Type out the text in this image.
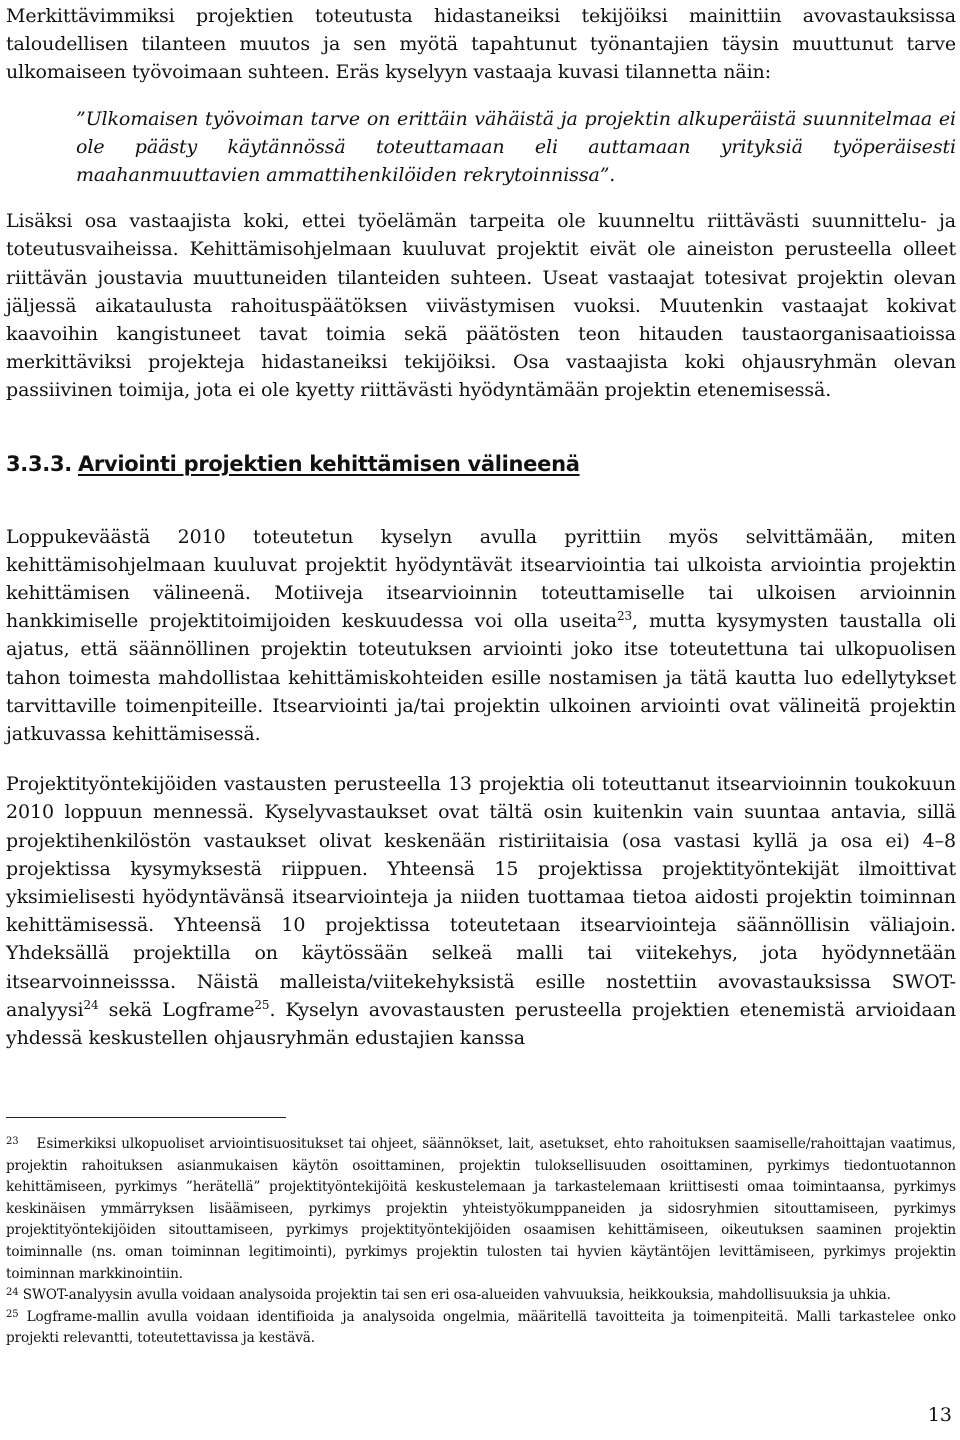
Merkittävimmiksi projektien toteutusta hidastaneiksi tekijöiksi mainittiin avovastauksissa taloudellisen tilanteen muutos ja sen myötä tapahtunut työnantajien täysin muuttunut tarve ulkomaiseen työvoimaan suhteen. Eräs kyselyyn vastaaja kuvasi tilannetta näin:

”Ulkomaisen työvoiman tarve on erittäin vähäistä ja projektin alkuperäistä suunnitelmaa ei ole päästy käytännössä toteuttamaan eli auttamaan yrityksiä työperäisesti maahanmuuttavien ammattihenkilöiden rekrytoinnissa”.

Lisäksi osa vastaajista koki, ettei työelämän tarpeita ole kuunneltu riittävästi suunnittelu- ja toteutusvaiheissa. Kehittämisohjelmaan kuuluvat projektit eivät ole aineiston perusteella olleet riittävän joustavia muuttuneiden tilanteiden suhteen. Useat vastaajat totesivat projektin olevan jäljessä aikataulusta rahoituspäätöksen viivästymisen vuoksi. Muutenkin vastaajat kokivat kaavoihin kangistuneet tavat toimia sekä päätösten teon hitauden taustaorganisaatioissa merkittäviksi projekteja hidastaneiksi tekijöiksi. Osa vastaajista koki ohjausryhmän olevan passiivinen toimija, jota ei ole kyetty riittävästi hyödyntämään projektin etenemisessä.

3.3.3. Arviointi projektien kehittämisen välineenä

Loppukeväästä 2010 toteutetun kyselyn avulla pyrittiin myös selvittämään, miten kehittämisohjelmaan kuuluvat projektit hyödyntävät itsearviointia tai ulkoista arviointia projektin kehittämisen välineenä. Motiiveja itsearvioinnin toteuttamiselle tai ulkoisen arvioinnin hankkimiselle projektitoimijoiden keskuudessa voi olla useita$^{23}$, mutta kysymysten taustalla oli ajatus, että säännöllinen projektin toteutuksen arviointi joko itse toteutettuna tai ulkopuolisen tahon toimesta mahdollistaa kehittämiskohteiden esille nostamisen ja tätä kautta luo edellytykset tarvittaville toimenpiteille. Itsearviointi ja/tai projektin ulkoinen arviointi ovat välineitä projektin jatkuvassa kehittämisessä.

Projektityöntekijöiden vastausten perusteella 13 projektia oli toteuttanut itsearvioinnin toukokuun 2010 loppuun mennessä. Kyselyvastaukset ovat tältä osin kuitenkin vain suuntaa antavia, sillä projektihenkilöstön vastaukset olivat keskenään ristiriitaisia (osa vastasi kyllä ja osa ei) 4–8 projektissa kysymyksestä riippuen. Yhteensä 15 projektissa projektityöntekijät ilmoittivat yksimielisesti hyödyntävänsä itsearviointeja ja niiden tuottamaa tietoa aidosti projektin toiminnan kehittämisessä. Yhteensä 10 projektissa toteutetaan itsearviointeja säännöllisin väliajoin. Yhdeksällä projektilla on käytössään selkeä malli tai viitekehys, jota hyödynnetään itsearvoinneisssa. Näistä malleista/viitekehyksistä esille nostettiin avovastauksissa SWOT-analyysi$^{24}$ sekä Logframe$^{25}$. Kyselyn avovastausten perusteella projektien etenemistä arvioidaan yhdessä keskustellen ohjausryhmän edustajien kanssa

$^{23}$ Esimerkiksi ulkopuoliset arviointisuositukset tai ohjeet, säännökset, lait, asetukset, ehto rahoituksen saamiselle/rahoittajan vaatimus, projektin rahoituksen asianmukaisen käytön osoittaminen, projektin tuloksellisuuden osoittaminen, pyrkimys tiedontuotannon kehittämiseen, pyrkimys ”herätellä” projektityöntekijöitä keskustelemaan ja tarkastelemaan kriittisesti omaa toimintaansa, pyrkimys keskinäisen ymmärryksen lisäämiseen, pyrkimys projektin yhteistyökumppaneiden ja sidosryhmien sitouttamiseen, pyrkimys projektityöntekijöiden sitouttamiseen, pyrkimys projektityöntekijöiden osaamisen kehittämiseen, oikeutuksen saaminen projektin toiminnalle (ns. oman toiminnan legitimointi), pyrkimys projektin tulosten tai hyvien käytäntöjen levittämiseen, pyrkimys projektin toiminnan markkinointiin.

$^{24}$ SWOT-analyysin avulla voidaan analysoida projektin tai sen eri osa-alueiden vahvuuksia, heikkouksia, mahdollisuuksia ja uhkia.

$^{25}$ Logframe-mallin avulla voidaan identifioida ja analysoida ongelmia, määritellä tavoitteita ja toimenpiteitä. Malli tarkastelee onko projekti relevantti, toteutettavissa ja kestävä.

13
